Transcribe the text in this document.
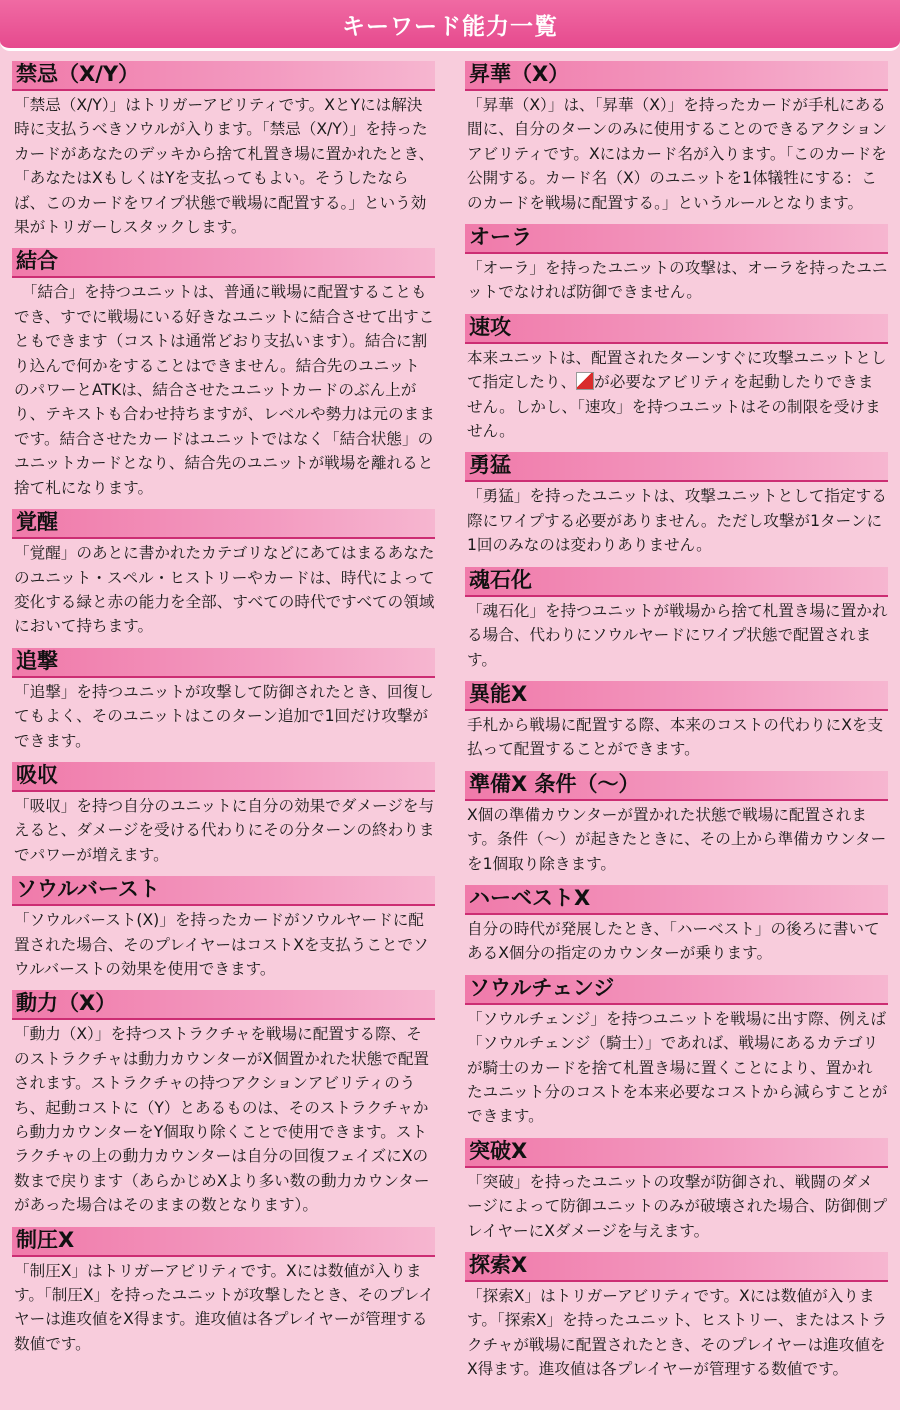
キーワード能力一覧
禁忌（X/Y）

「禁忌（X/Y）」はトリガーアビリティです。XとYには解決時に支払うべきソウルが入ります。「禁忌（X/Y）」を持ったカードがあなたのデッキから捨て札置き場に置かれたとき、「あなたはXもしくはYを支払ってもよい。そうしたならば、このカードをワイプ状態で戦場に配置する。」という効果がトリガーしスタックします。

結合

　「結合」を持つユニットは、普通に戦場に配置することもでき、すでに戦場にいる好きなユニットに結合させて出すこともできます（コストは通常どおり支払います）。結合に割り込んで何かをすることはできません。結合先のユニットのパワーとATKは、結合させたユニットカードのぶん上がり、テキストも合わせ持ちますが、レベルや勢力は元のままです。結合させたカードはユニットではなく「結合状態」のユニットカードとなり、結合先のユニットが戦場を離れると捨て札になります。

覚醒

「覚醒」のあとに書かれたカテゴリなどにあてはまるあなたのユニット・スペル・ヒストリーやカードは、時代によって変化する緑と赤の能力を全部、すべての時代ですべての領域において持ちます。

追撃

「追撃」を持つユニットが攻撃して防御されたとき、回復してもよく、そのユニットはこのターン追加で1回だけ攻撃ができます。

吸収

「吸収」を持つ自分のユニットに自分の効果でダメージを与えると、ダメージを受ける代わりにその分ターンの終わりまでパワーが増えます。

ソウルバースト

「ソウルバースト(X)」を持ったカードがソウルヤードに配置された場合、そのプレイヤーはコストXを支払うことでソウルバーストの効果を使用できます。

動力（X）

「動力（X）」を持つストラクチャを戦場に配置する際、そのストラクチャは動力カウンターがX個置かれた状態で配置されます。ストラクチャの持つアクションアビリティのうち、起動コストに（Y）とあるものは、そのストラクチャから動力カウンターをY個取り除くことで使用できます。ストラクチャの上の動力カウンターは自分の回復フェイズにXの数まで戻ります（あらかじめXより多い数の動力カウンターがあった場合はそのままの数となります）。

制圧X

「制圧X」はトリガーアビリティです。Xには数値が入ります。「制圧X」を持ったユニットが攻撃したとき、そのプレイヤーは進攻値をX得ます。進攻値は各プレイヤーが管理する数値です。

昇華（X）

「昇華（X）」は、「昇華（X）」を持ったカードが手札にある間に、自分のターンのみに使用することのできるアクションアビリティです。Xにはカード名が入ります。「このカードを公開する。カード名（X）のユニットを1体犠牲にする：このカードを戦場に配置する。」というルールとなります。

オーラ

「オーラ」を持ったユニットの攻撃は、オーラを持ったユニットでなければ防御できません。

速攻

本来ユニットは、配置されたターンすぐに攻撃ユニットとして指定したり、 が必要なアビリティを起動したりできません。しかし、「速攻」を持つユニットはその制限を受けません。

勇猛

「勇猛」を持ったユニットは、攻撃ユニットとして指定する際にワイプする必要がありません。ただし攻撃が1ターンに1回のみなのは変わりありません。

魂石化

「魂石化」を持つユニットが戦場から捨て札置き場に置かれる場合、代わりにソウルヤードにワイプ状態で配置されます。

異能X

手札から戦場に配置する際、本来のコストの代わりにXを支払って配置することができます。

準備X 条件（～）

X個の準備カウンターが置かれた状態で戦場に配置されます。条件（～）が起きたときに、その上から準備カウンターを1個取り除きます。

ハーベストX

自分の時代が発展したとき、「ハーベスト」の後ろに書いてあるX個分の指定のカウンターが乗ります。

ソウルチェンジ

「ソウルチェンジ」を持つユニットを戦場に出す際、例えば「ソウルチェンジ（騎士）」であれば、戦場にあるカテゴリが騎士のカードを捨て札置き場に置くことにより、置かれたユニット分のコストを本来必要なコストから減らすことができます。

突破X

「突破」を持ったユニットの攻撃が防御され、戦闘のダメージによって防御ユニットのみが破壊された場合、防御側プレイヤーにXダメージを与えます。

探索X

「探索X」はトリガーアビリティです。Xには数値が入ります。「探索X」を持ったユニット、ヒストリー、またはストラクチャが戦場に配置されたとき、そのプレイヤーは進攻値をX得ます。進攻値は各プレイヤーが管理する数値です。
